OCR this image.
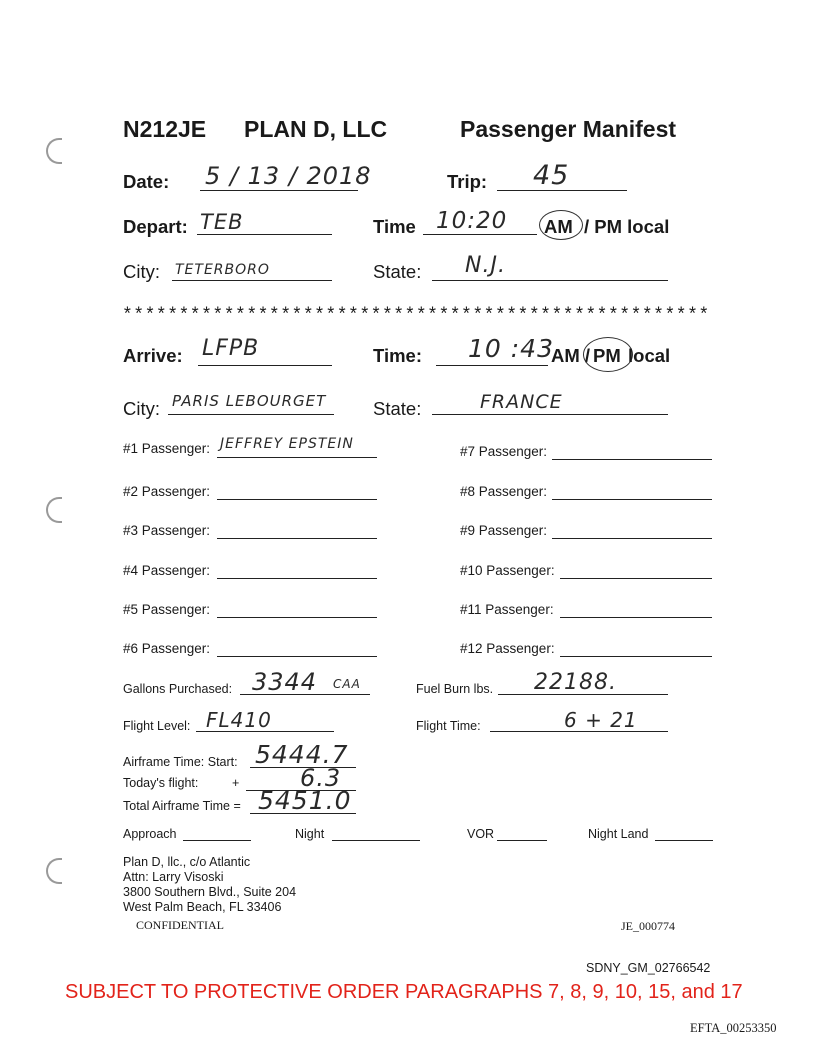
N212JE PLAN D, LLC	Passenger Manifest
Date: 5 / 13 / 2018	Trip: 45
Depart: TEB	Time 10:20 AM / PM local
City: TETERBORO	State: N.J.
****************************************************
Arrive: LFPB	Time: 10 :43
AM / PM local
City: PARIS LEBOURGET	State:	FRANCE
#1 Passenger: JEFFREY EPSTEIN
#2 Passenger:
#3 Passenger:
#4 Passenger:
#5 Passenger:
#6 Passenger:
#7 Passenger:
#8 Passenger:
#9 Passenger:
#10 Passenger:
#11 Passenger:
#12 Passenger:
Gallons Purchased: 3344 CAA	Fuel Burn lbs. 22188.
Flight Level: FL410	Flight Time:	6 + 21
Airframe Time: Start: 5444.7
Today's flight:	+	6.3
Total Airframe Time = 5451.0
Approach	Night	VOR	Night Land
Plan D, llc., c/o Atlantic
Attn: Larry Visoski
3800 Southern Blvd., Suite 204
West Palm Beach, FL 33406
CONFIDENTIAL	JE_000774
SDNY_GM_02766542
SUBJECT TO PROTECTIVE ORDER PARAGRAPHS 7, 8, 9, 10, 15, and 17
EFTA_00253350
